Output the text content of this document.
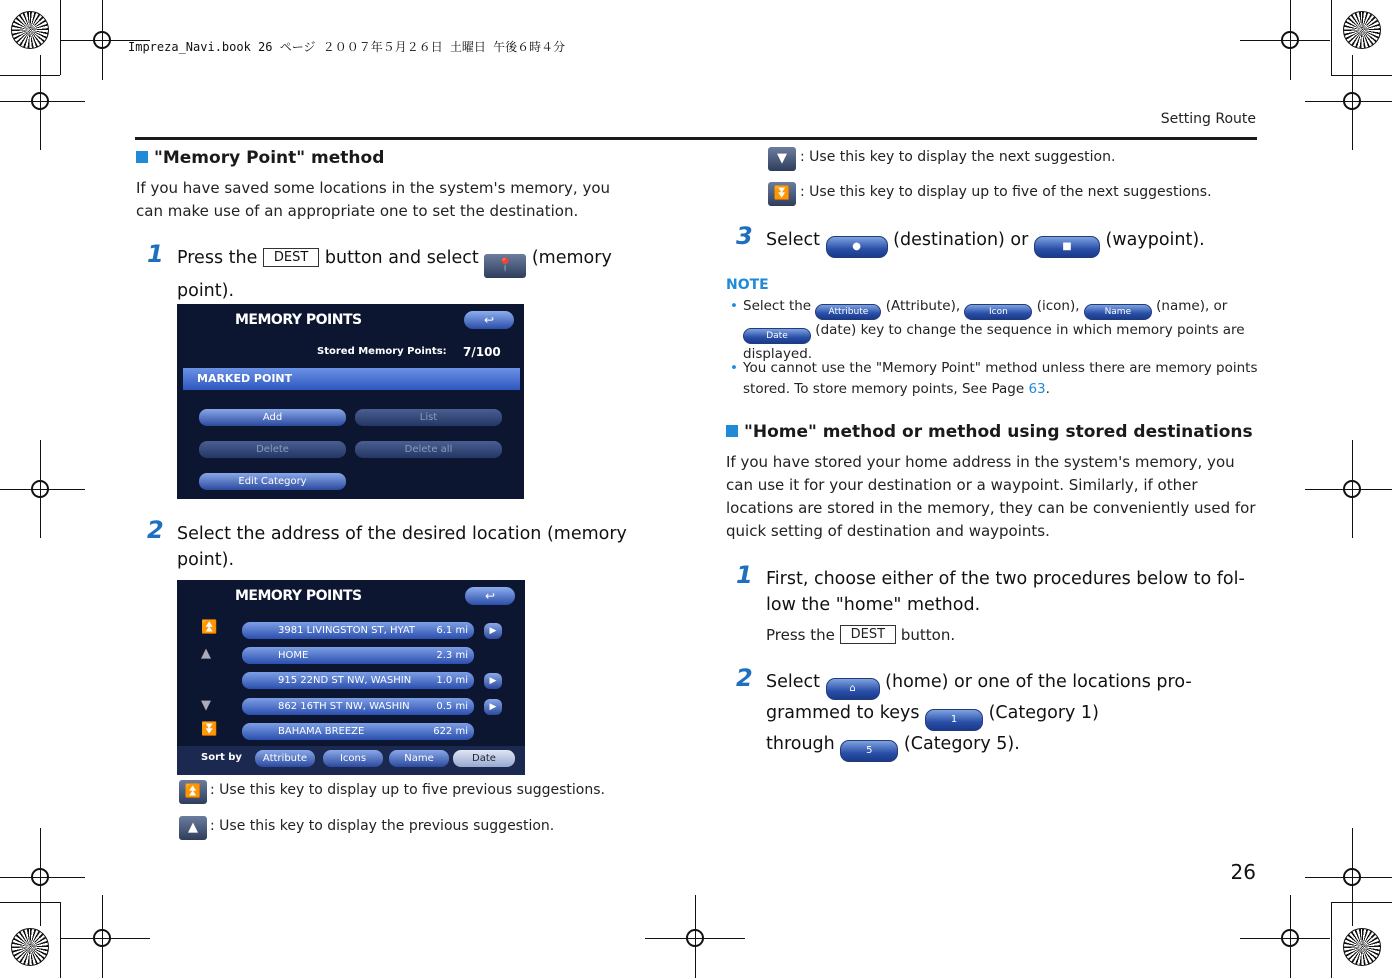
Impreza_Navi.book 26 ページ ２００７年５月２６日 土曜日 午後６時４分
Setting Route
26
"Memory Point" method

If you have saved some locations in the system's memory, you can make use of an appropriate one to set the destination.

1 Press the DEST button and select 📍 (memory point).
MEMORY POINTS	↩
Stored Memory Points: 7/100
MARKED POINT
Add	List
Delete	Delete all
Edit Category
2 Select the address of the desired location (memory point).
MEMORY POINTS	↩
⏫
▲
▼
⏬
3981 LIVINGSTON ST, HYAT 6.1 mi	▶
HOME	2.3 mi
915 22ND ST NW, WASHIN	1.0 mi	▶
862 16TH ST NW, WASHIN	0.5 mi	▶
BAHAMA BREEZE	622 mi
Sort by	Attribute	Icons	Name	Date
⏫ : Use this key to display up to five previous suggestions.
▲ : Use this key to display the previous suggestion.
▼ : Use this key to display the next suggestion.
⏬ : Use this key to display up to five of the next suggestions.
3 Select	● (destination) or	■ (waypoint).
NOTE
• Select the Attribute (Attribute),	Icon (icon),	Name (name), or Date (date) key to change the sequence in which memory points are displayed.
• You cannot use the "Memory Point" method unless there are memory points stored. To store memory points, See Page 63.
"Home" method or method using stored destinations

If you have stored your home address in the system's memory, you can use it for your destination or a waypoint. Similarly, if other locations are stored in the memory, they can be conveniently used for quick setting of destination and waypoints.

1 First, choose either of the two procedures below to fol-low the "home" method.
Press the DEST button.
2 Select	⌂ (home) or one of the locations pro-grammed to keys	1 (Category 1)
through	5 (Category 5).
